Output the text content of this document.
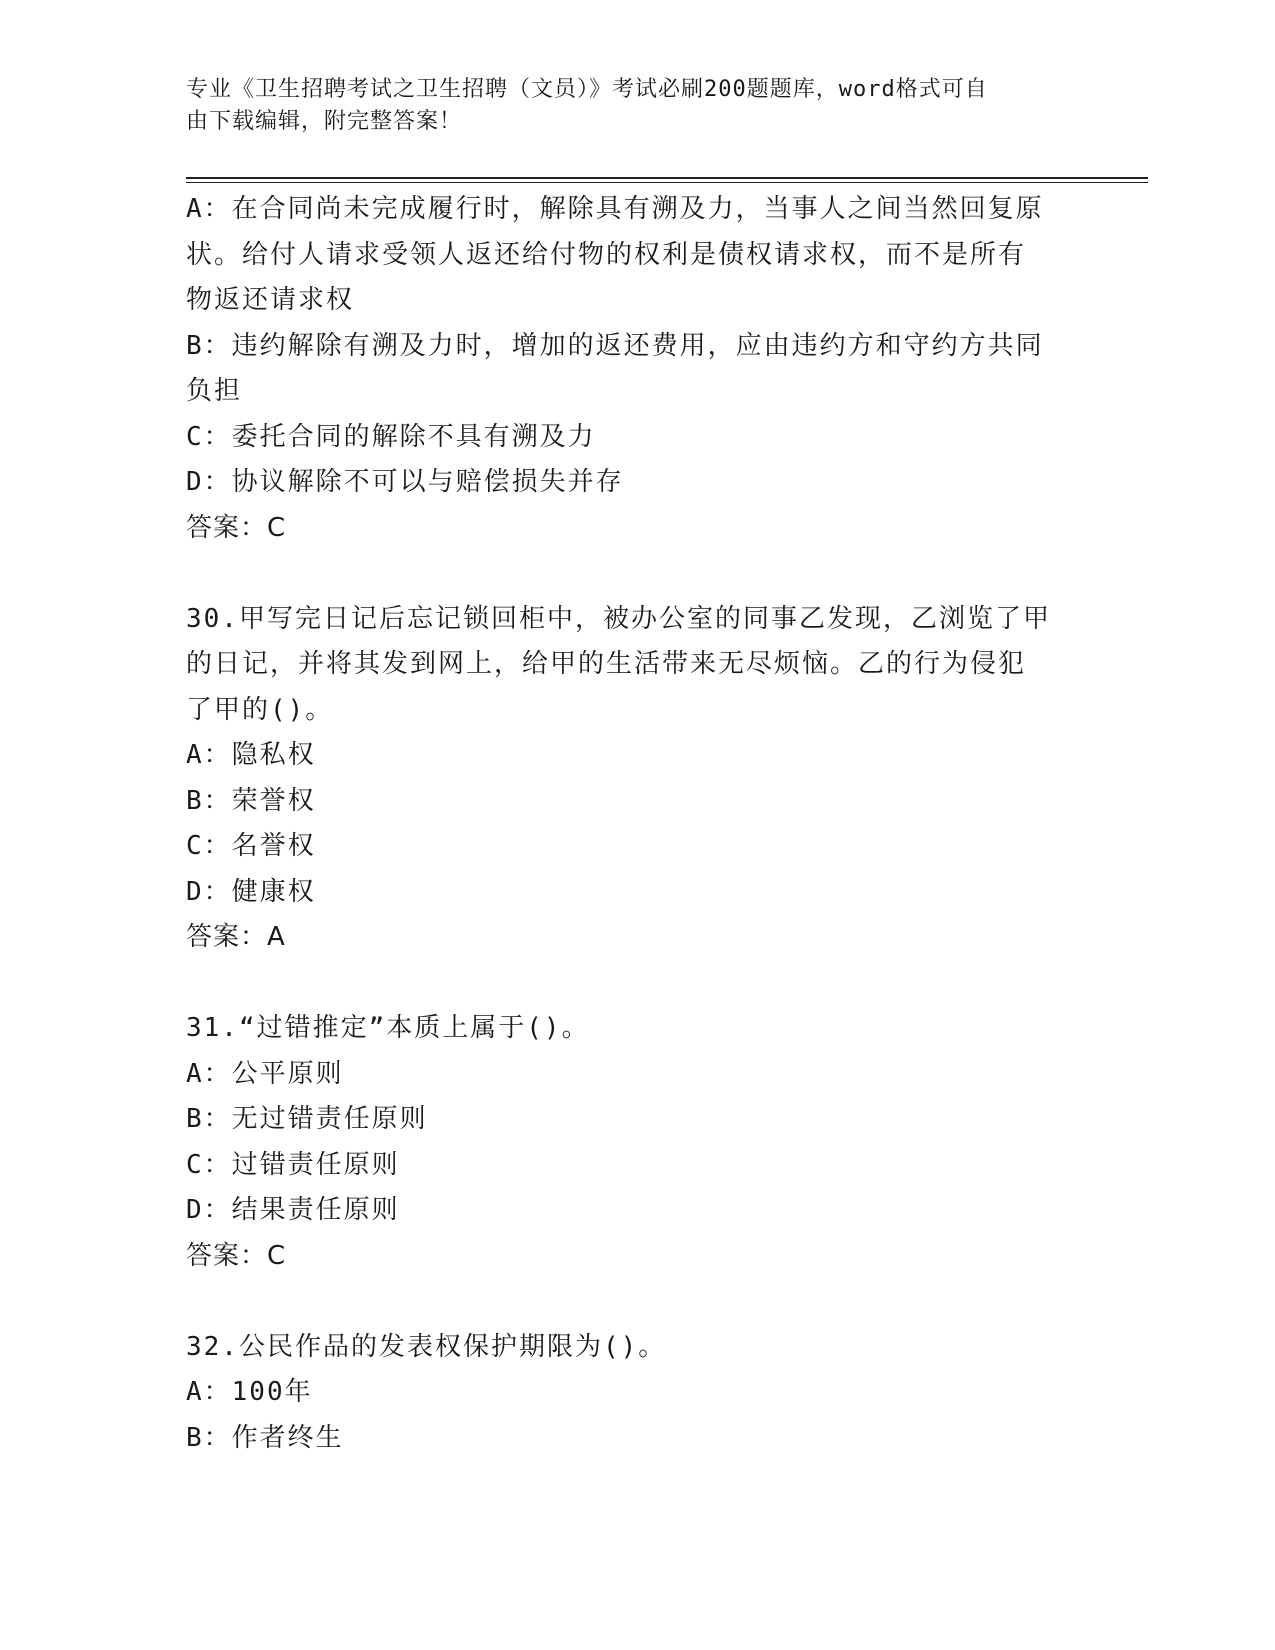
专业《卫生招聘考试之卫生招聘（文员）》考试必刷200题题库，word格式可自
由下载编辑，附完整答案！
A：在合同尚未完成履行时，解除具有溯及力，当事人之间当然回复原
状。给付人请求受领人返还给付物的权利是债权请求权，而不是所有
物返还请求权
B：违约解除有溯及力时，增加的返还费用，应由违约方和守约方共同
负担
C：委托合同的解除不具有溯及力
D：协议解除不可以与赔偿损失并存
答案：C
30.甲写完日记后忘记锁回柜中，被办公室的同事乙发现，乙浏览了甲
的日记，并将其发到网上，给甲的生活带来无尽烦恼。乙的行为侵犯
了甲的()。
A：隐私权
B：荣誉权
C：名誉权
D：健康权
答案：A
31.“过错推定”本质上属于()。
A：公平原则
B：无过错责任原则
C：过错责任原则
D：结果责任原则
答案：C
32.公民作品的发表权保护期限为()。
A：100年
B：作者终生
